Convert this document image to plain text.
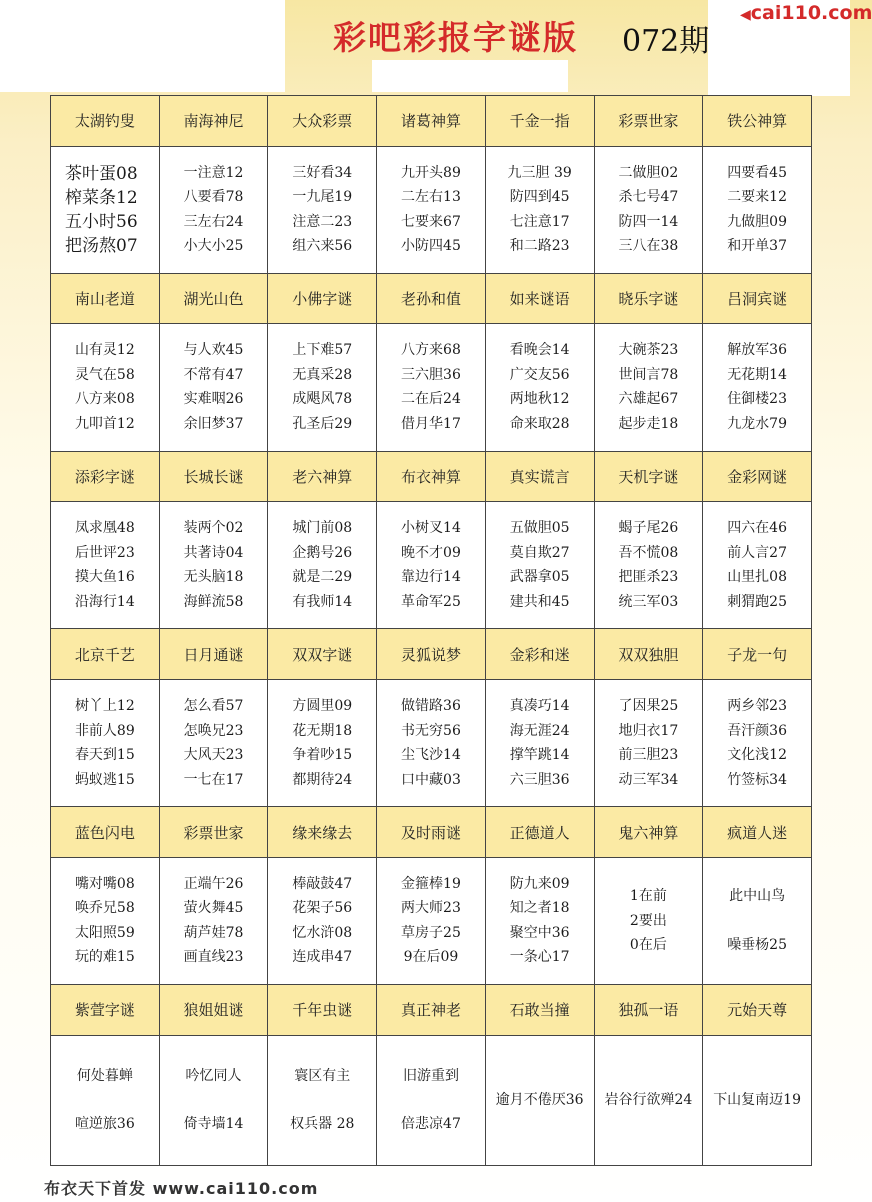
彩吧彩报字谜版 072期
◀cai110.com
太湖钓叟	南海神尼	大众彩票	诸葛神算	千金一指	彩票世家	铁公神算

茶叶蛋08
榨菜条12
五小时56
把汤熬07	一注意12
八要看78
三左右24
小大小25	三好看34
一九尾19
注意二23
组六来56	九开头89
二左右13
七要来67
小防四45	九三胆 39
防四到45
七注意17
和二路23	二做胆02
杀七号47
防四一14
三八在38	四要看45
二要来12
九做胆09
和开单37

南山老道	湖光山色	小佛字谜	老孙和值	如来谜语	晓乐字谜	吕洞宾谜

山有灵12
灵气在58
八方来08
九叩首12	与人欢45
不常有47
实难咽26
余旧梦37	上下难57
无真采28
成飓风78
孔圣后29	八方来68
三六胆36
二在后24
借月华17	看晚会14
广交友56
两地秋12
命来取28	大碗茶23
世间言78
六雄起67
起步走18	解放军36
无花期14
住御楼23
九龙水79

添彩字谜	长城长谜	老六神算	布衣神算	真实谎言	天机字谜	金彩网谜

凤求凰48
后世评23
摸大鱼16
沿海行14	装两个02
共著诗04
无头脑18
海鲜流58	城门前08
企鹅号26
就是二29
有我师14	小树叉14
晚不才09
靠边行14
革命军25	五做胆05
莫自欺27
武器拿05
建共和45	蝎子尾26
吾不慌08
把匪杀23
统三军03	四六在46
前人言27
山里扎08
刺猬跑25

北京千艺	日月通谜	双双字谜	灵狐说梦	金彩和迷	双双独胆	子龙一句

树丫上12
非前人89
春天到15
蚂蚁逃15	怎么看57
怎唤兄23
大风天23
一七在17	方圆里09
花无期18
争着吵15
都期待24	做错路36
书无穷56
尘飞沙14
口中藏03	真凑巧14
海无涯24
撑竿跳14
六三胆36	了因果25
地归衣17
前三胆23
动三军34	两乡邻23
吾汗颜36
文化浅12
竹签标34

蓝色闪电	彩票世家	缘来缘去	及时雨谜	正德道人	鬼六神算	疯道人迷

嘴对嘴08
唤乔兄58
太阳照59
玩的难15	正端午26
萤火舞45
葫芦娃78
画直线23	棒敲鼓47
花架子56
忆水浒08
连成串47	金箍棒19
两大师23
草房子25
9在后09	防九来09
知之者18
聚空中36
一条心17	1在前
2要出
0在后	此中山鸟
噪垂杨25

紫萱字谜	狼姐姐谜	千年虫谜	真正神老	石敢当撞	独孤一语	元始天尊

何处暮蝉
喧逆旅36	吟忆同人
倚寺墙14	寰区有主
权兵器 28	旧游重到
倍悲凉47	逾月不倦厌36	岩谷行欲殚24	下山复南迈19
布衣天下首发 www.cai110.com
